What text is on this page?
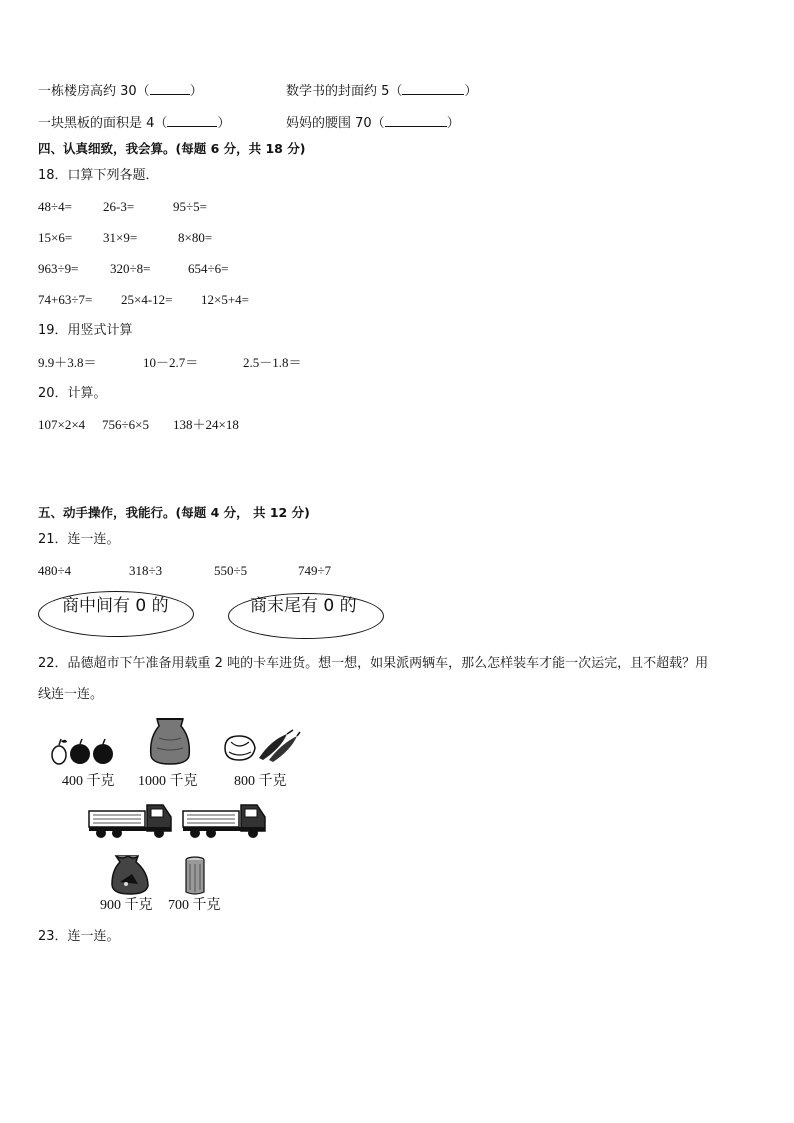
一栋楼房高约 30（	）	数学书的封面约 5（	）
一块黑板的面积是 4（	）	妈妈的腰围 70（	）
四、认真细致，我会算。(每题 6 分，共 18 分)
18．口算下列各题．
48÷4= 26-3=	95÷5=
15×6= 31×9=	8×80=
963÷9= 320÷8=	654÷6=
74+63÷7= 25×4-12= 12×5+4=
19．用竖式计算
9.9＋3.8＝	10－2.7＝	2.5－1.8＝
20．计算。
107×2×4 756÷6×5 138＋24×18
五、动手操作，我能行。(每题 4 分， 共 12 分)
21．连一连。
480÷4	318÷3	550÷5	749÷7
商中间有 0 的	商末尾有 0 的
22．品德超市下午准备用载重 2 吨的卡车进货。想一想，如果派两辆车，那么怎样装车才能一次运完，且不超载？用
线连一连。
400 千克 1000 千克	800 千克
900 千克 700 千克
23．连一连。
